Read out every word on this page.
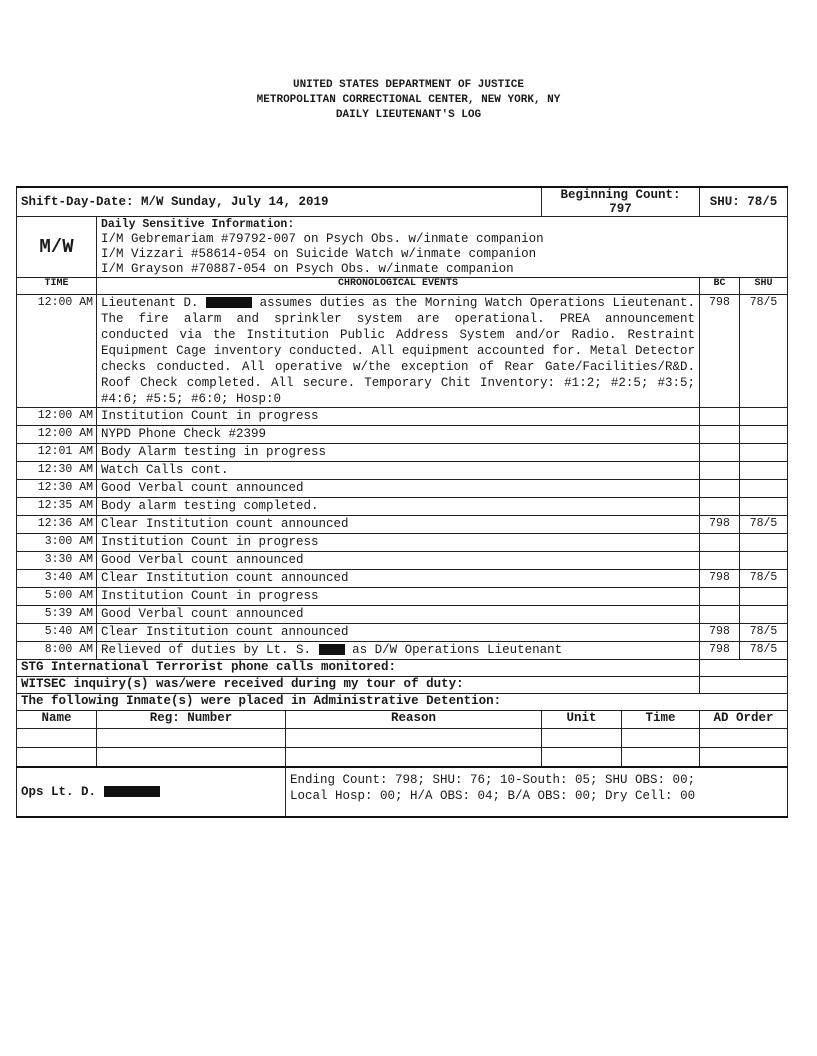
UNITED STATES DEPARTMENT OF JUSTICE
METROPOLITAN CORRECTIONAL CENTER, NEW YORK, NY
DAILY LIEUTENANT'S LOG
Shift-Day-Date: M/W Sunday, July 14, 2019			Beginning Count: 797		SHU: 78/5	
M/W	Daily Sensitive Information:
I/M Gebremariam #79792-007 on Psych Obs. w/inmate companion
I/M Vizzari #58614-054 on Suicide Watch w/inmate companion
I/M Grayson #70887-054 on Psych Obs. w/inmate companion					

TIME	CHRONOLOGICAL EVENTS				BC	SHU
12:00 AM	Lieutenant D. assumes duties as the Morning Watch Operations Lieutenant. The fire alarm and sprinkler system are operational. PREA announcement conducted via the Institution Public Address System and/or Radio. Restraint Equipment Cage inventory conducted. All equipment accounted for. Metal Detector checks conducted. All operative w/the exception of Rear Gate/Facilities/R&D. Roof Check completed. All secure. Temporary Chit Inventory: #1:2; #2:5; #3:5; #4:6; #5:5; #6:0; Hosp:0				798	78/5
12:00 AM	Institution Count in progress					
12:00 AM	NYPD Phone Check #2399					
12:01 AM	Body Alarm testing in progress					
12:30 AM	Watch Calls cont.					
12:30 AM	Good Verbal count announced					
12:35 AM	Body alarm testing completed.					
12:36 AM	Clear Institution count announced				798	78/5
3:00 AM	Institution Count in progress					
3:30 AM	Good Verbal count announced					
3:40 AM	Clear Institution count announced				798	78/5
5:00 AM	Institution Count in progress					
5:39 AM	Good Verbal count announced					
5:40 AM	Clear Institution count announced				798	78/5
8:00 AM	Relieved of duties by Lt. S. as D/W Operations Lieutenant				798	78/5
STG International Terrorist phone calls monitored:						
WITSEC inquiry(s) was/were received during my tour of duty:						
The following Inmate(s) were placed in Administrative Detention:						
Name	Reg: Number	Reason	Unit	Time	AD Order	

Ops Lt. D.		Ending Count: 798; SHU: 76; 10-South: 05; SHU OBS: 00;
Local Hosp: 00; H/A OBS: 04; B/A OBS: 00; Dry Cell: 00				
